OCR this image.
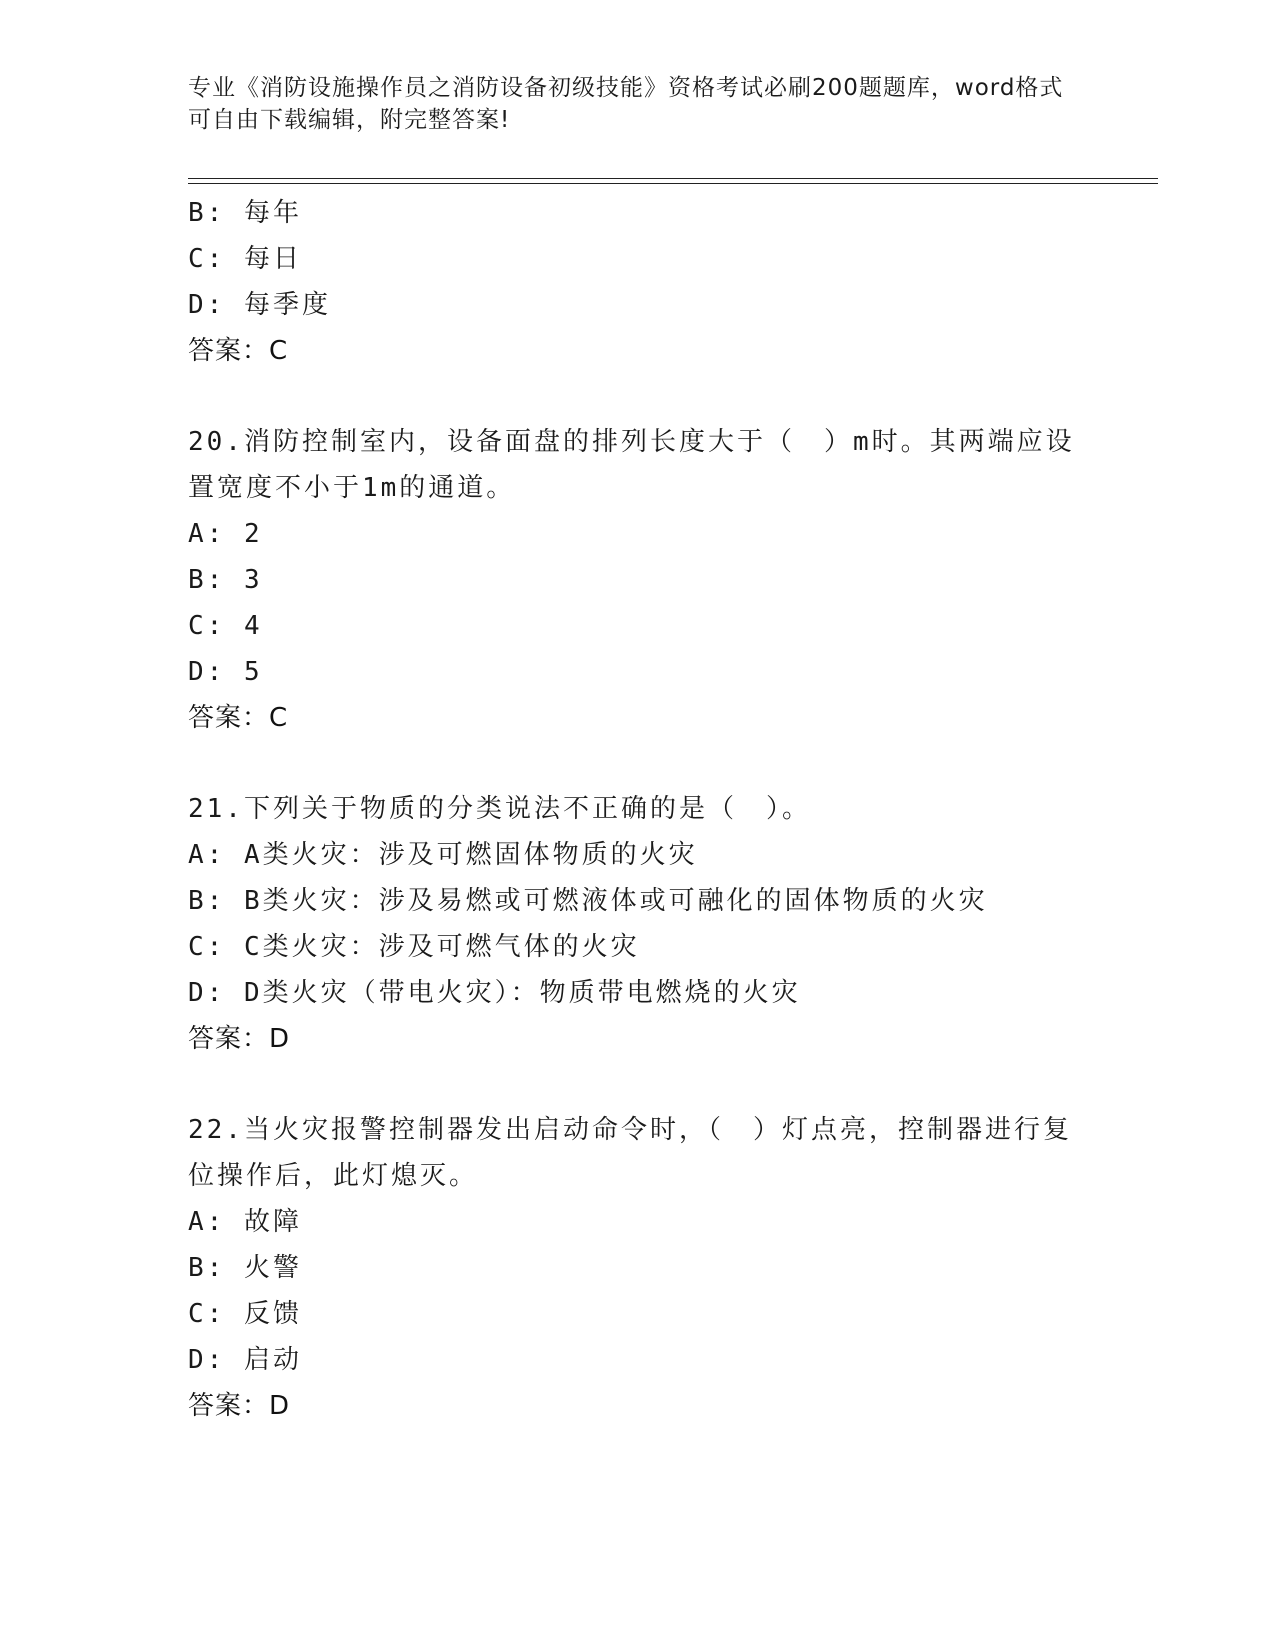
专业《消防设施操作员之消防设备初级技能》资格考试必刷200题题库，word格式可自由下载编辑，附完整答案!
B: 每年
C: 每日
D: 每季度
答案：C
20.消防控制室内，设备面盘的排列长度大于（　）m时。其两端应设置宽度不小于1m的通道。
A: 2
B: 3
C: 4
D: 5
答案：C
21.下列关于物质的分类说法不正确的是（　）。
A: A类火灾：涉及可燃固体物质的火灾
B: B类火灾：涉及易燃或可燃液体或可融化的固体物质的火灾
C: C类火灾：涉及可燃气体的火灾
D: D类火灾（带电火灾）：物质带电燃烧的火灾
答案：D
22.当火灾报警控制器发出启动命令时，（　）灯点亮，控制器进行复位操作后，此灯熄灭。
A: 故障
B: 火警
C: 反馈
D: 启动
答案：D
